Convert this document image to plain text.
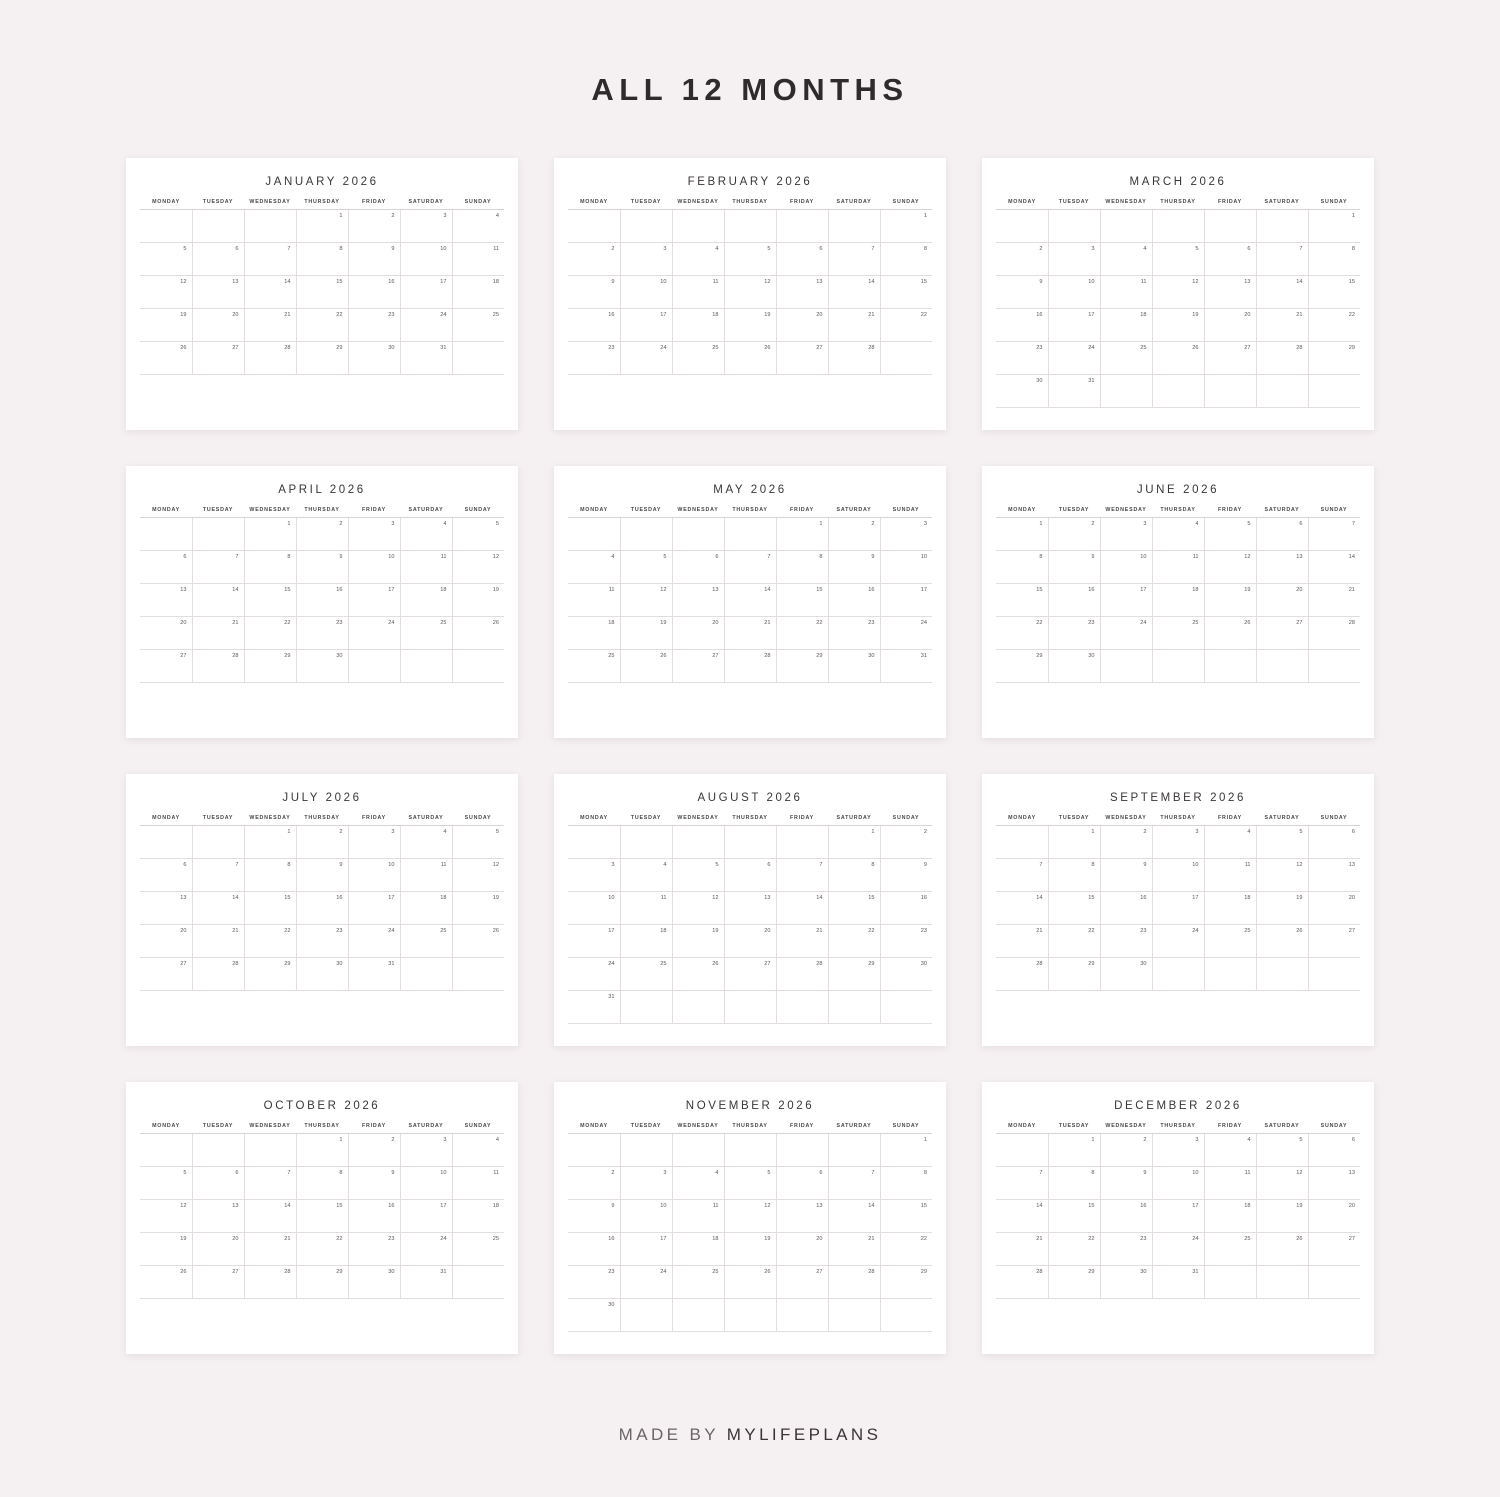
ALL 12 MONTHS
JANUARY 2026
MONDAY	TUESDAY	WEDNESDAY	THURSDAY	FRIDAY	SATURDAY	SUNDAY
			1	2	3	4
5	6	7	8	9	10	11
12	13	14	15	16	17	18
19	20	21	22	23	24	25
26	27	28	29	30	31	
FEBRUARY 2026
MONDAY	TUESDAY	WEDNESDAY	THURSDAY	FRIDAY	SATURDAY	SUNDAY
						1
2	3	4	5	6	7	8
9	10	11	12	13	14	15
16	17	18	19	20	21	22
23	24	25	26	27	28	
MARCH 2026
MONDAY	TUESDAY	WEDNESDAY	THURSDAY	FRIDAY	SATURDAY	SUNDAY
						1
2	3	4	5	6	7	8
9	10	11	12	13	14	15
16	17	18	19	20	21	22
23	24	25	26	27	28	29
30	31					
APRIL 2026
MONDAY	TUESDAY	WEDNESDAY	THURSDAY	FRIDAY	SATURDAY	SUNDAY
		1	2	3	4	5
6	7	8	9	10	11	12
13	14	15	16	17	18	19
20	21	22	23	24	25	26
27	28	29	30			
MAY 2026
MONDAY	TUESDAY	WEDNESDAY	THURSDAY	FRIDAY	SATURDAY	SUNDAY
				1	2	3
4	5	6	7	8	9	10
11	12	13	14	15	16	17
18	19	20	21	22	23	24
25	26	27	28	29	30	31
JUNE 2026
MONDAY	TUESDAY	WEDNESDAY	THURSDAY	FRIDAY	SATURDAY	SUNDAY
1	2	3	4	5	6	7
8	9	10	11	12	13	14
15	16	17	18	19	20	21
22	23	24	25	26	27	28
29	30					
JULY 2026
MONDAY	TUESDAY	WEDNESDAY	THURSDAY	FRIDAY	SATURDAY	SUNDAY
		1	2	3	4	5
6	7	8	9	10	11	12
13	14	15	16	17	18	19
20	21	22	23	24	25	26
27	28	29	30	31		
AUGUST 2026
MONDAY	TUESDAY	WEDNESDAY	THURSDAY	FRIDAY	SATURDAY	SUNDAY
					1	2
3	4	5	6	7	8	9
10	11	12	13	14	15	16
17	18	19	20	21	22	23
24	25	26	27	28	29	30
31						
SEPTEMBER 2026
MONDAY	TUESDAY	WEDNESDAY	THURSDAY	FRIDAY	SATURDAY	SUNDAY
	1	2	3	4	5	6
7	8	9	10	11	12	13
14	15	16	17	18	19	20
21	22	23	24	25	26	27
28	29	30				
OCTOBER 2026
MONDAY	TUESDAY	WEDNESDAY	THURSDAY	FRIDAY	SATURDAY	SUNDAY
			1	2	3	4
5	6	7	8	9	10	11
12	13	14	15	16	17	18
19	20	21	22	23	24	25
26	27	28	29	30	31	
NOVEMBER 2026
MONDAY	TUESDAY	WEDNESDAY	THURSDAY	FRIDAY	SATURDAY	SUNDAY
						1
2	3	4	5	6	7	8
9	10	11	12	13	14	15
16	17	18	19	20	21	22
23	24	25	26	27	28	29
30						
DECEMBER 2026
MONDAY	TUESDAY	WEDNESDAY	THURSDAY	FRIDAY	SATURDAY	SUNDAY
	1	2	3	4	5	6
7	8	9	10	11	12	13
14	15	16	17	18	19	20
21	22	23	24	25	26	27
28	29	30	31			
MADE BY MYLIFEPLANS
